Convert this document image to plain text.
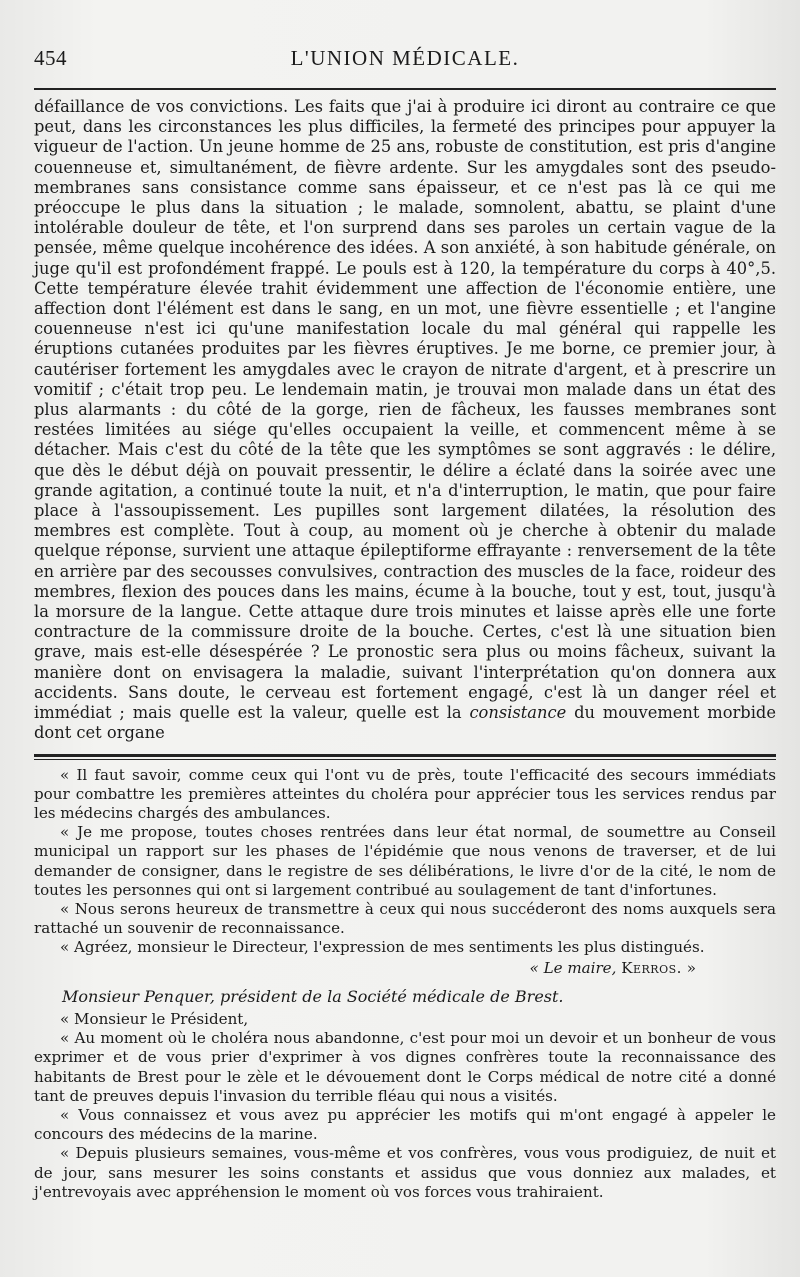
L'UNION MÉDICALE.
454

défaillance de vos convictions. Les faits que j'ai à produire ici diront au contraire ce que peut, dans les circonstances les plus difficiles, la fermeté des principes pour appuyer la vigueur de l'action. Un jeune homme de 25 ans, robuste de constitution, est pris d'angine couenneuse et, simultanément, de fièvre ardente. Sur les amygdales sont des pseudo-membranes sans consistance comme sans épaisseur, et ce n'est pas là ce qui me préoccupe le plus dans la situation ; le malade, somnolent, abattu, se plaint d'une intolérable douleur de tête, et l'on surprend dans ses paroles un certain vague de la pensée, même quelque incohérence des idées. A son anxiété, à son habitude générale, on juge qu'il est profondément frappé. Le pouls est à 120, la température du corps à 40°,5. Cette température élevée trahit évidemment une affection de l'économie entière, une affection dont l'élément est dans le sang, en un mot, une fièvre essentielle ; et l'angine couenneuse n'est ici qu'une manifestation locale du mal général qui rappelle les éruptions cutanées produites par les fièvres éruptives. Je me borne, ce premier jour, à cautériser fortement les amygdales avec le crayon de nitrate d'argent, et à prescrire un vomitif ; c'était trop peu. Le lendemain matin, je trouvai mon malade dans un état des plus alarmants : du côté de la gorge, rien de fâcheux, les fausses membranes sont restées limitées au siége qu'elles occupaient la veille, et commencent même à se détacher. Mais c'est du côté de la tête que les symptômes se sont aggravés : le délire, que dès le début déjà on pouvait pressentir, le délire a éclaté dans la soirée avec une grande agitation, a continué toute la nuit, et n'a d'interruption, le matin, que pour faire place à l'assoupissement. Les pupilles sont largement dilatées, la résolution des membres est complète. Tout à coup, au moment où je cherche à obtenir du malade quelque réponse, survient une attaque épileptiforme effrayante : renversement de la tête en arrière par des secousses convulsives, contraction des muscles de la face, roideur des membres, flexion des pouces dans les mains, écume à la bouche, tout y est, tout, jusqu'à la morsure de la langue. Cette attaque dure trois minutes et laisse après elle une forte contracture de la commissure droite de la bouche. Certes, c'est là une situation bien grave, mais est-elle désespérée ? Le pronostic sera plus ou moins fâcheux, suivant la manière dont on envisagera la maladie, suivant l'interprétation qu'on donnera aux accidents. Sans doute, le cerveau est fortement engagé, c'est là un danger réel et immédiat ; mais quelle est la valeur, quelle est la consistance du mouvement morbide dont cet organe

« Il faut savoir, comme ceux qui l'ont vu de près, toute l'efficacité des secours immédiats pour combattre les premières atteintes du choléra pour apprécier tous les services rendus par les médecins chargés des ambulances.

« Je me propose, toutes choses rentrées dans leur état normal, de soumettre au Conseil municipal un rapport sur les phases de l'épidémie que nous venons de traverser, et de lui demander de consigner, dans le registre de ses délibérations, le livre d'or de la cité, le nom de toutes les personnes qui ont si largement contribué au soulagement de tant d'infortunes.

« Nous serons heureux de transmettre à ceux qui nous succéderont des noms auxquels sera rattaché un souvenir de reconnaissance.

« Agréez, monsieur le Directeur, l'expression de mes sentiments les plus distingués.

« Le maire, Kerros. »

Monsieur Penquer, président de la Société médicale de Brest.

« Monsieur le Président,

« Au moment où le choléra nous abandonne, c'est pour moi un devoir et un bonheur de vous exprimer et de vous prier d'exprimer à vos dignes confrères toute la reconnaissance des habitants de Brest pour le zèle et le dévouement dont le Corps médical de notre cité a donné tant de preuves depuis l'invasion du terrible fléau qui nous a visités.

« Vous connaissez et vous avez pu apprécier les motifs qui m'ont engagé à appeler le concours des médecins de la marine.

« Depuis plusieurs semaines, vous-même et vos confrères, vous vous prodiguiez, de nuit et de jour, sans mesurer les soins constants et assidus que vous donniez aux malades, et j'entrevoyais avec appréhension le moment où vos forces vous trahiraient.
